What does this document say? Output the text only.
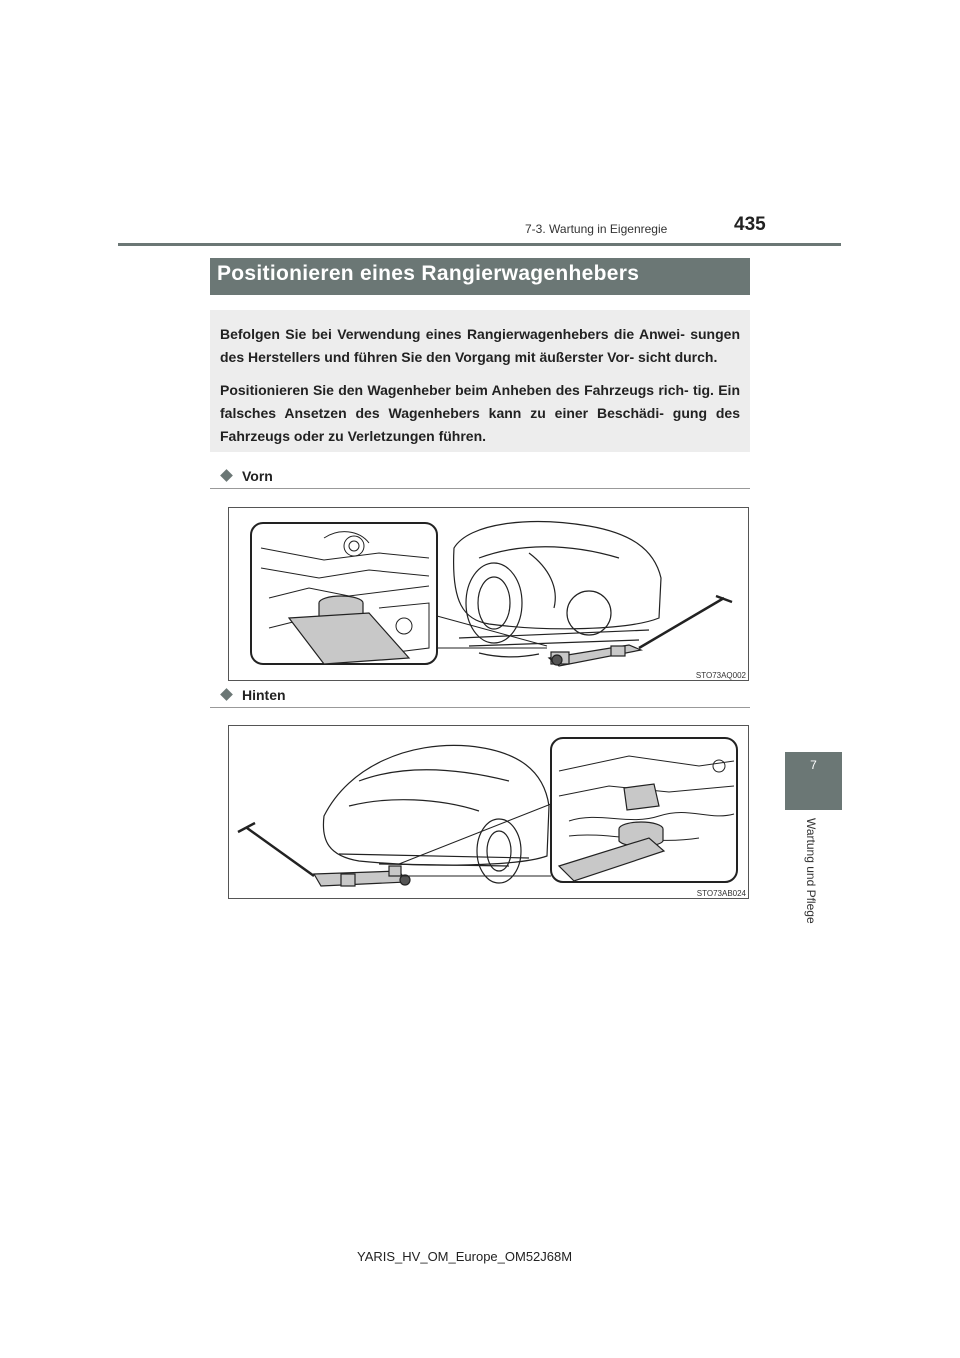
7-3. Wartung in Eigenregie	435
7
Wartung und Pflege
Positionieren eines Rangierwagenhebers

Befolgen Sie bei Verwendung eines Rangierwagenhebers die Anwei- sungen des Herstellers und führen Sie den Vorgang mit äußerster Vor- sicht durch.

Positionieren Sie den Wagenheber beim Anheben des Fahrzeugs rich- tig. Ein falsches Ansetzen des Wagenhebers kann zu einer Beschädi- gung des Fahrzeugs oder zu Verletzungen führen.

Vorn
STO73AQ002
Hinten
STO73AB024
YARIS_HV_OM_Europe_OM52J68M
